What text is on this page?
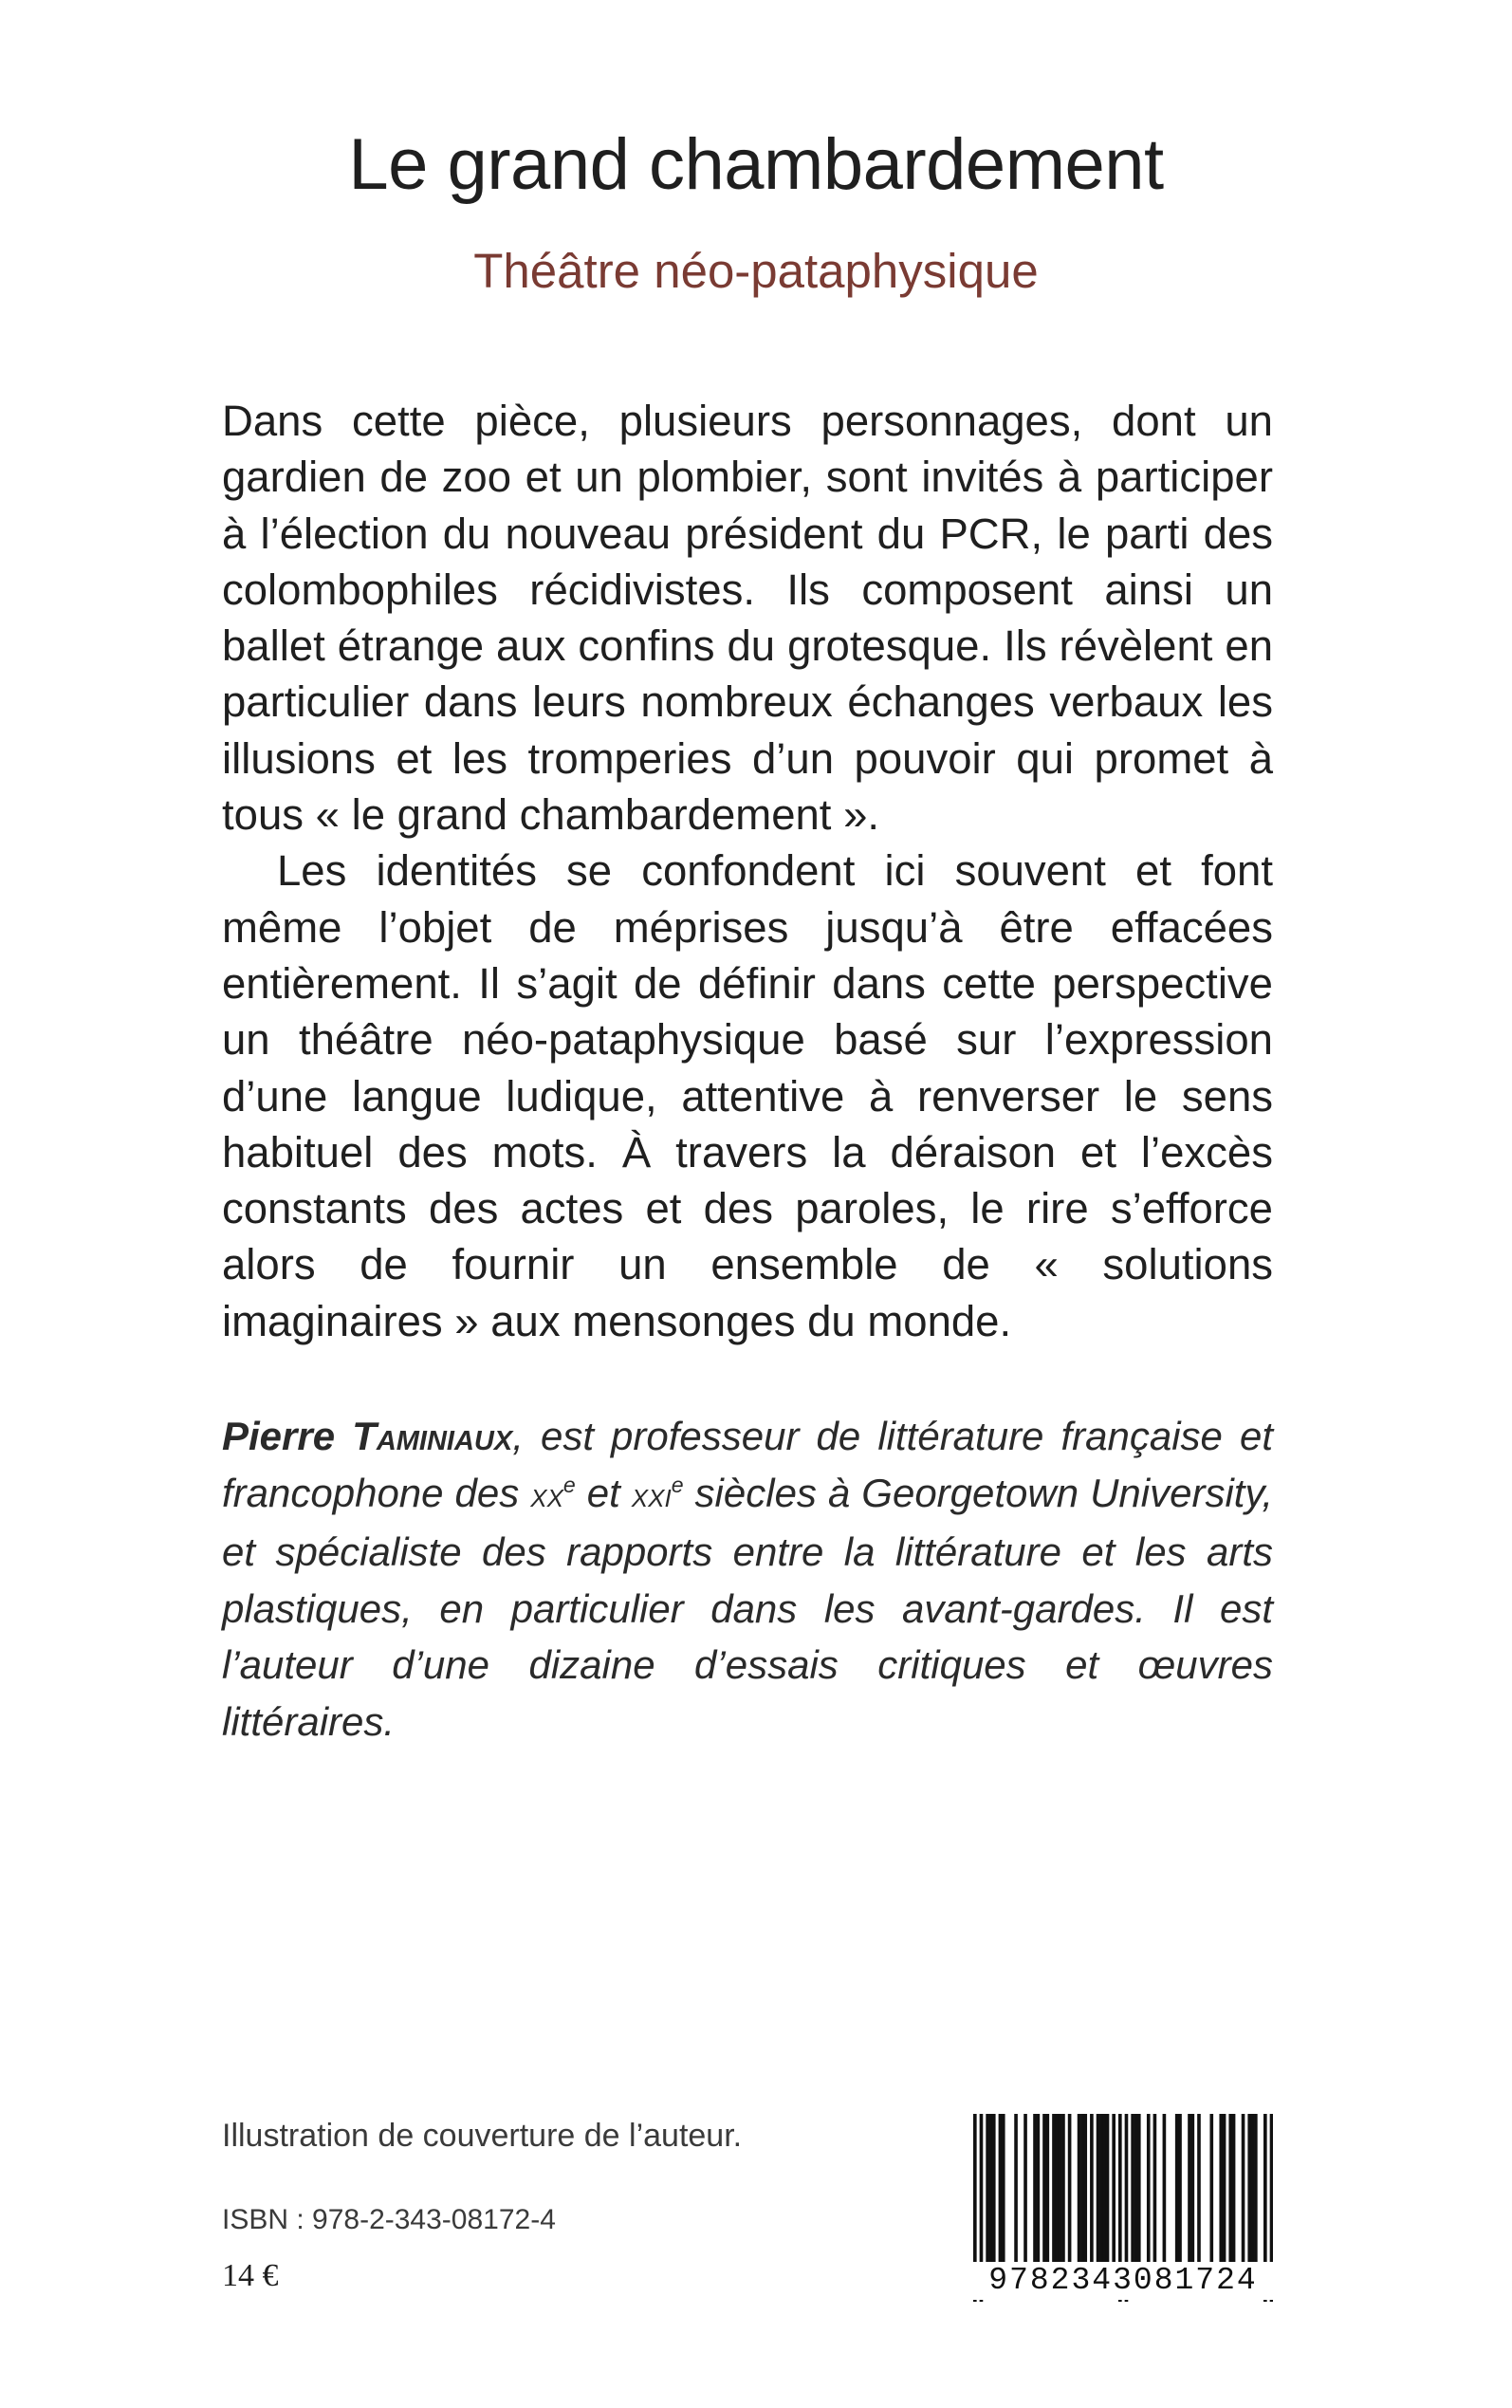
Le grand chambardement
Théâtre néo-pataphysique

Dans cette pièce, plusieurs personnages, dont un gardien de zoo et un plombier, sont invités à participer à l’élection du nouveau président du PCR, le parti des colombophiles récidivistes. Ils composent ainsi un ballet étrange aux confins du grotesque. Ils révèlent en particulier dans leurs nombreux échanges verbaux les illusions et les tromperies d’un pouvoir qui promet à tous « le grand chambardement ».

Les identités se confondent ici souvent et font même l’objet de méprises jusqu’à être effacées entièrement. Il s’agit de définir dans cette perspective un théâtre néo-pataphysique basé sur l’expression d’une langue ludique, attentive à renverser le sens habituel des mots. À travers la déraison et l’excès constants des actes et des paroles, le rire s’efforce alors de fournir un ensemble de « solutions imaginaires » aux mensonges du monde.

Pierre Taminiaux, est professeur de littérature française et francophone des $xx^e$ et xxi$^e$ siècles à Georgetown University, et spécialiste des rapports entre la littérature et les arts plastiques, en particulier dans les avant-gardes. Il est l’auteur d’une dizaine d’essais critiques et œuvres littéraires.

Illustration de couverture de l’auteur.

ISBN : 978-2-343-08172-4

14 €	9782343081724
